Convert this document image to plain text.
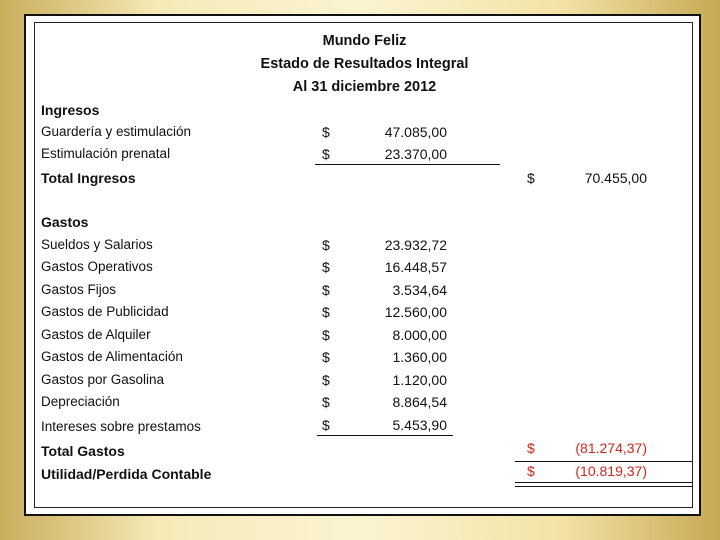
Mundo Feliz
Estado de Resultados Integral
Al 31 diciembre 2012
Ingresos
Guardería y estimulación	$	47.085,00
Estimulación prenatal	$	23.370,00
Total Ingresos	$	70.455,00
Gastos
Sueldos y Salarios	$	23.932,72
Gastos Operativos	$	16.448,57
Gastos Fijos	$	3.534,64
Gastos de Publicidad	$	12.560,00
Gastos de Alquiler	$	8.000,00
Gastos de Alimentación	$	1.360,00
Gastos por Gasolina	$	1.120,00
Depreciación	$	8.864,54
Intereses sobre prestamos	$	5.453,90
Total Gastos	$	(81.274,37)
Utilidad/Perdida Contable	$	(10.819,37)
